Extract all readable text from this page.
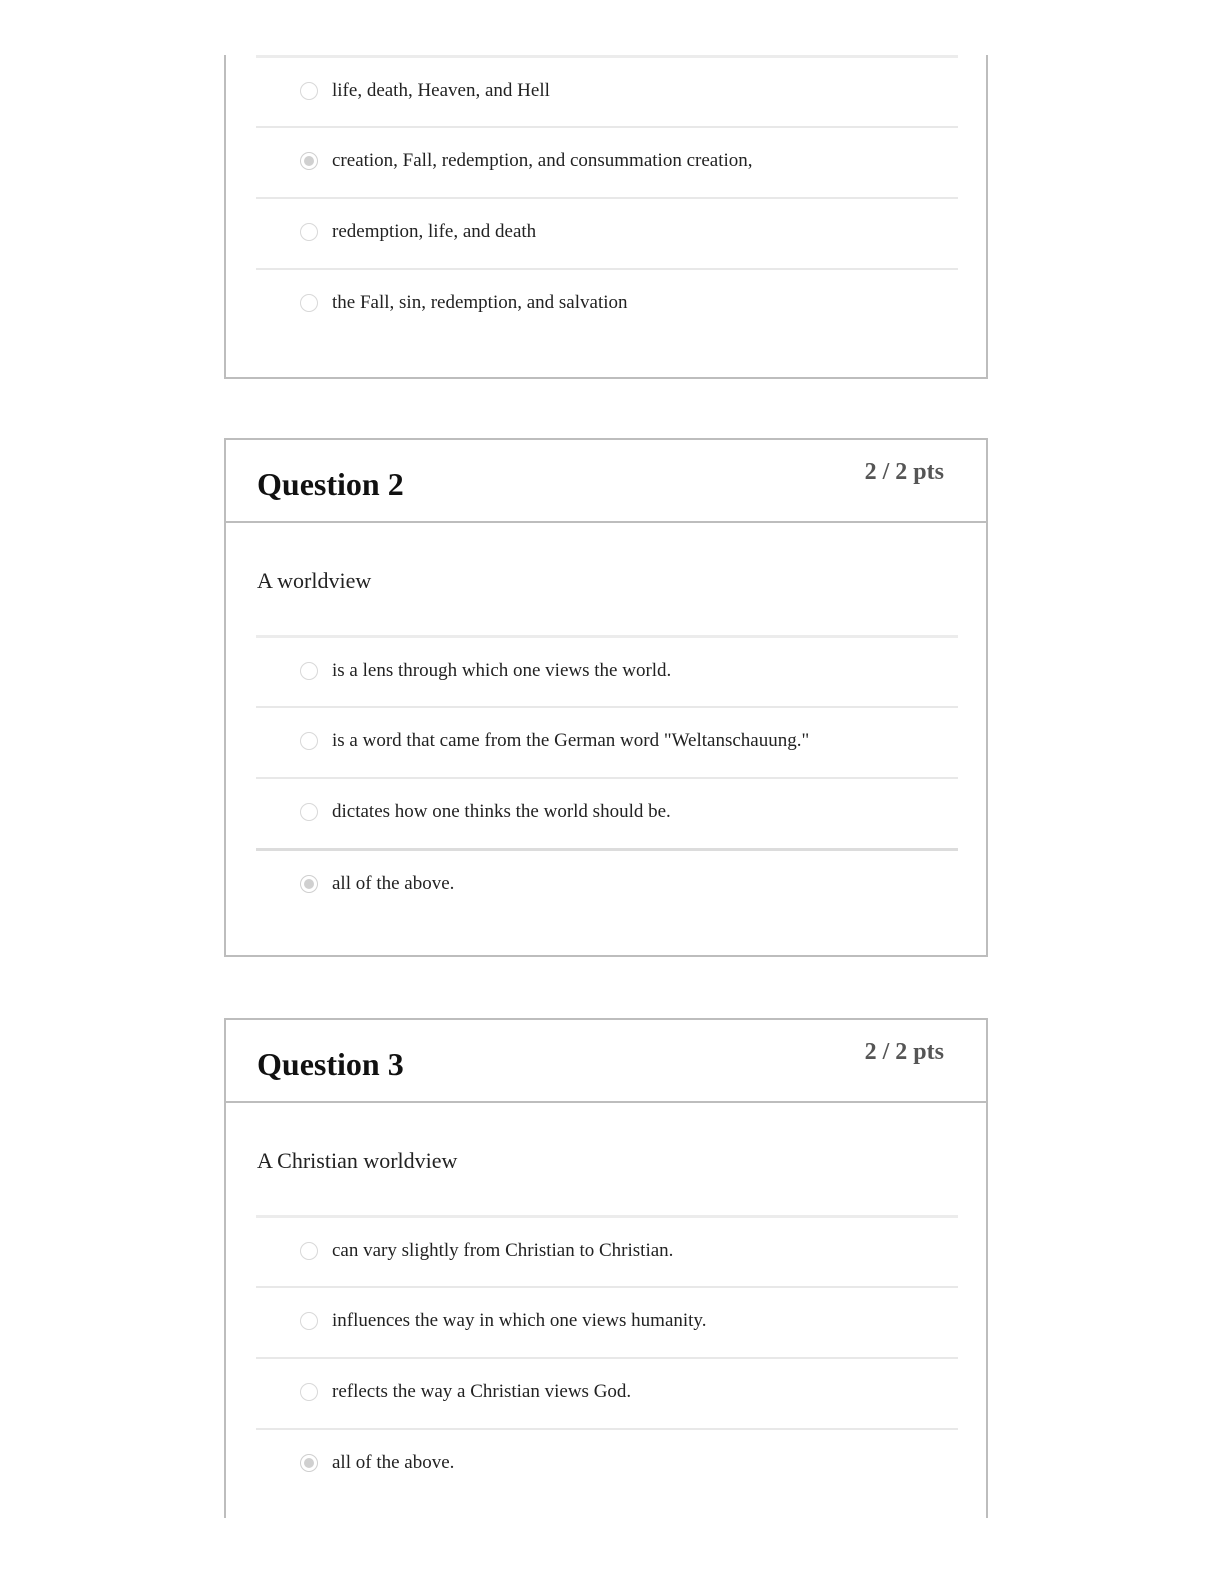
life, death, Heaven, and Hell
creation, Fall, redemption, and consummation creation,
redemption, life, and death
the Fall, sin, redemption, and salvation
Question 2	2 / 2 pts
A worldview
is a lens through which one views the world.
is a word that came from the German word "Weltanschauung."
dictates how one thinks the world should be.
all of the above.
Question 3	2 / 2 pts
A Christian worldview
can vary slightly from Christian to Christian.
influences the way in which one views humanity.
reflects the way a Christian views God.
all of the above.
